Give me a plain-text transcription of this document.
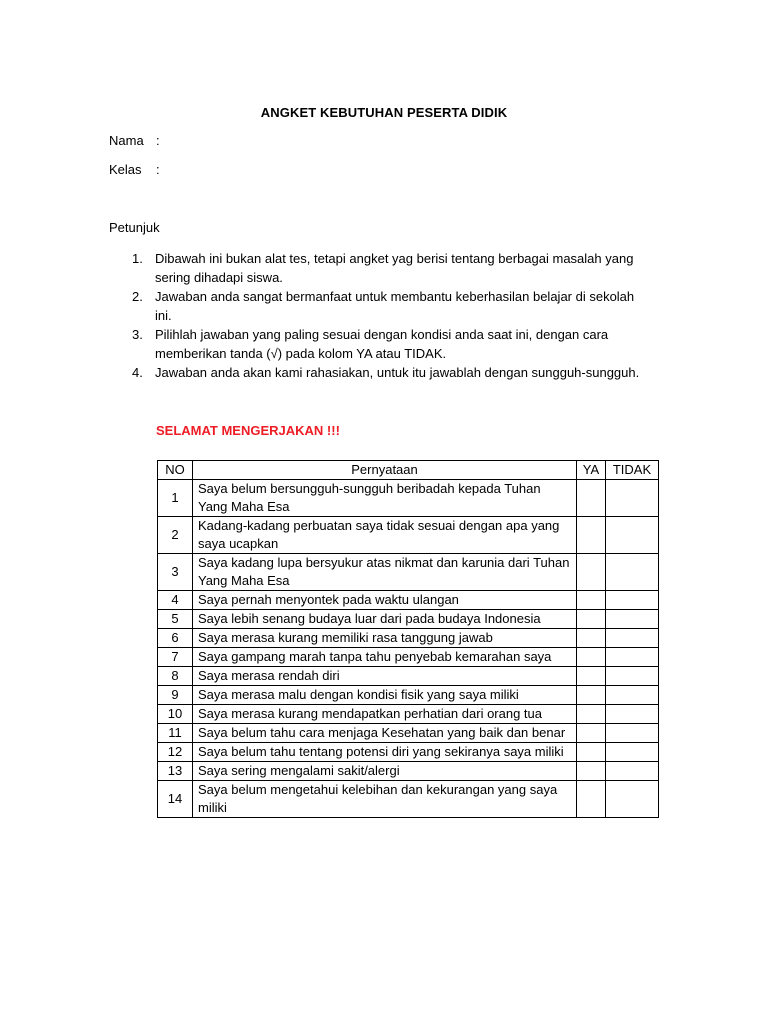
ANGKET KEBUTUHAN PESERTA DIDIK
Nama :
Kelas :
Petunjuk
1. Dibawah ini bukan alat tes, tetapi angket yag berisi tentang berbagai masalah yang sering dihadapi siswa.
2. Jawaban anda sangat bermanfaat untuk membantu keberhasilan belajar di sekolah ini.
3. Pilihlah jawaban yang paling sesuai dengan kondisi anda saat ini, dengan cara memberikan tanda (√) pada kolom YA atau TIDAK.
4. Jawaban anda akan kami rahasiakan, untuk itu jawablah dengan sungguh-sungguh.
SELAMAT MENGERJAKAN !!!
NO	Pernyataan	YA	TIDAK
1	Saya belum bersungguh-sungguh beribadah kepada Tuhan Yang Maha Esa		
2	Kadang-kadang perbuatan saya tidak sesuai dengan apa yang saya ucapkan		
3	Saya kadang lupa bersyukur atas nikmat dan karunia dari Tuhan Yang Maha Esa		
4	Saya pernah menyontek pada waktu ulangan		
5	Saya lebih senang budaya luar dari pada budaya Indonesia		
6	Saya merasa kurang memiliki rasa tanggung jawab		
7	Saya gampang marah tanpa tahu penyebab kemarahan saya		
8	Saya merasa rendah diri		
9	Saya merasa malu dengan kondisi fisik yang saya miliki		
10	Saya merasa kurang mendapatkan perhatian dari orang tua		
11	Saya belum tahu cara menjaga Kesehatan yang baik dan benar		
12	Saya belum tahu tentang potensi diri yang sekiranya saya miliki		
13	Saya sering mengalami sakit/alergi		
14	Saya belum mengetahui kelebihan dan kekurangan yang saya miliki		
